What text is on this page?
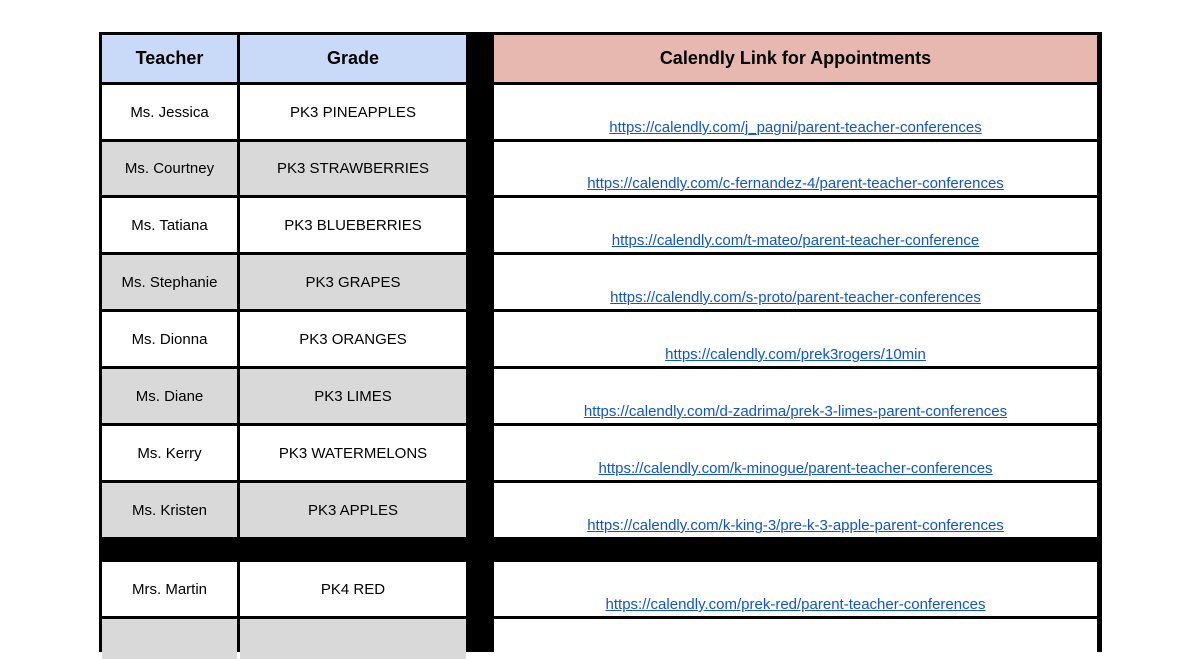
Teacher	Grade	Calendly Link for Appointments
Ms. Jessica	PK3 PINEAPPLES
https://calendly.com/j_pagni/parent-teacher-conferences
Ms. Courtney	PK3 STRAWBERRIES
https://calendly.com/c-fernandez-4/parent-teacher-conferences
Ms. Tatiana	PK3 BLUEBERRIES
https://calendly.com/t-mateo/parent-teacher-conference
Ms. Stephanie	PK3 GRAPES
https://calendly.com/s-proto/parent-teacher-conferences
Ms. Dionna	PK3 ORANGES
https://calendly.com/prek3rogers/10min
Ms. Diane	PK3 LIMES
https://calendly.com/d-zadrima/prek-3-limes-parent-conferences
Ms. Kerry	PK3 WATERMELONS
https://calendly.com/k-minogue/parent-teacher-conferences
Ms. Kristen	PK3 APPLES
https://calendly.com/k-king-3/pre-k-3-apple-parent-conferences
Mrs. Martin	PK4 RED
https://calendly.com/prek-red/parent-teacher-conferences
